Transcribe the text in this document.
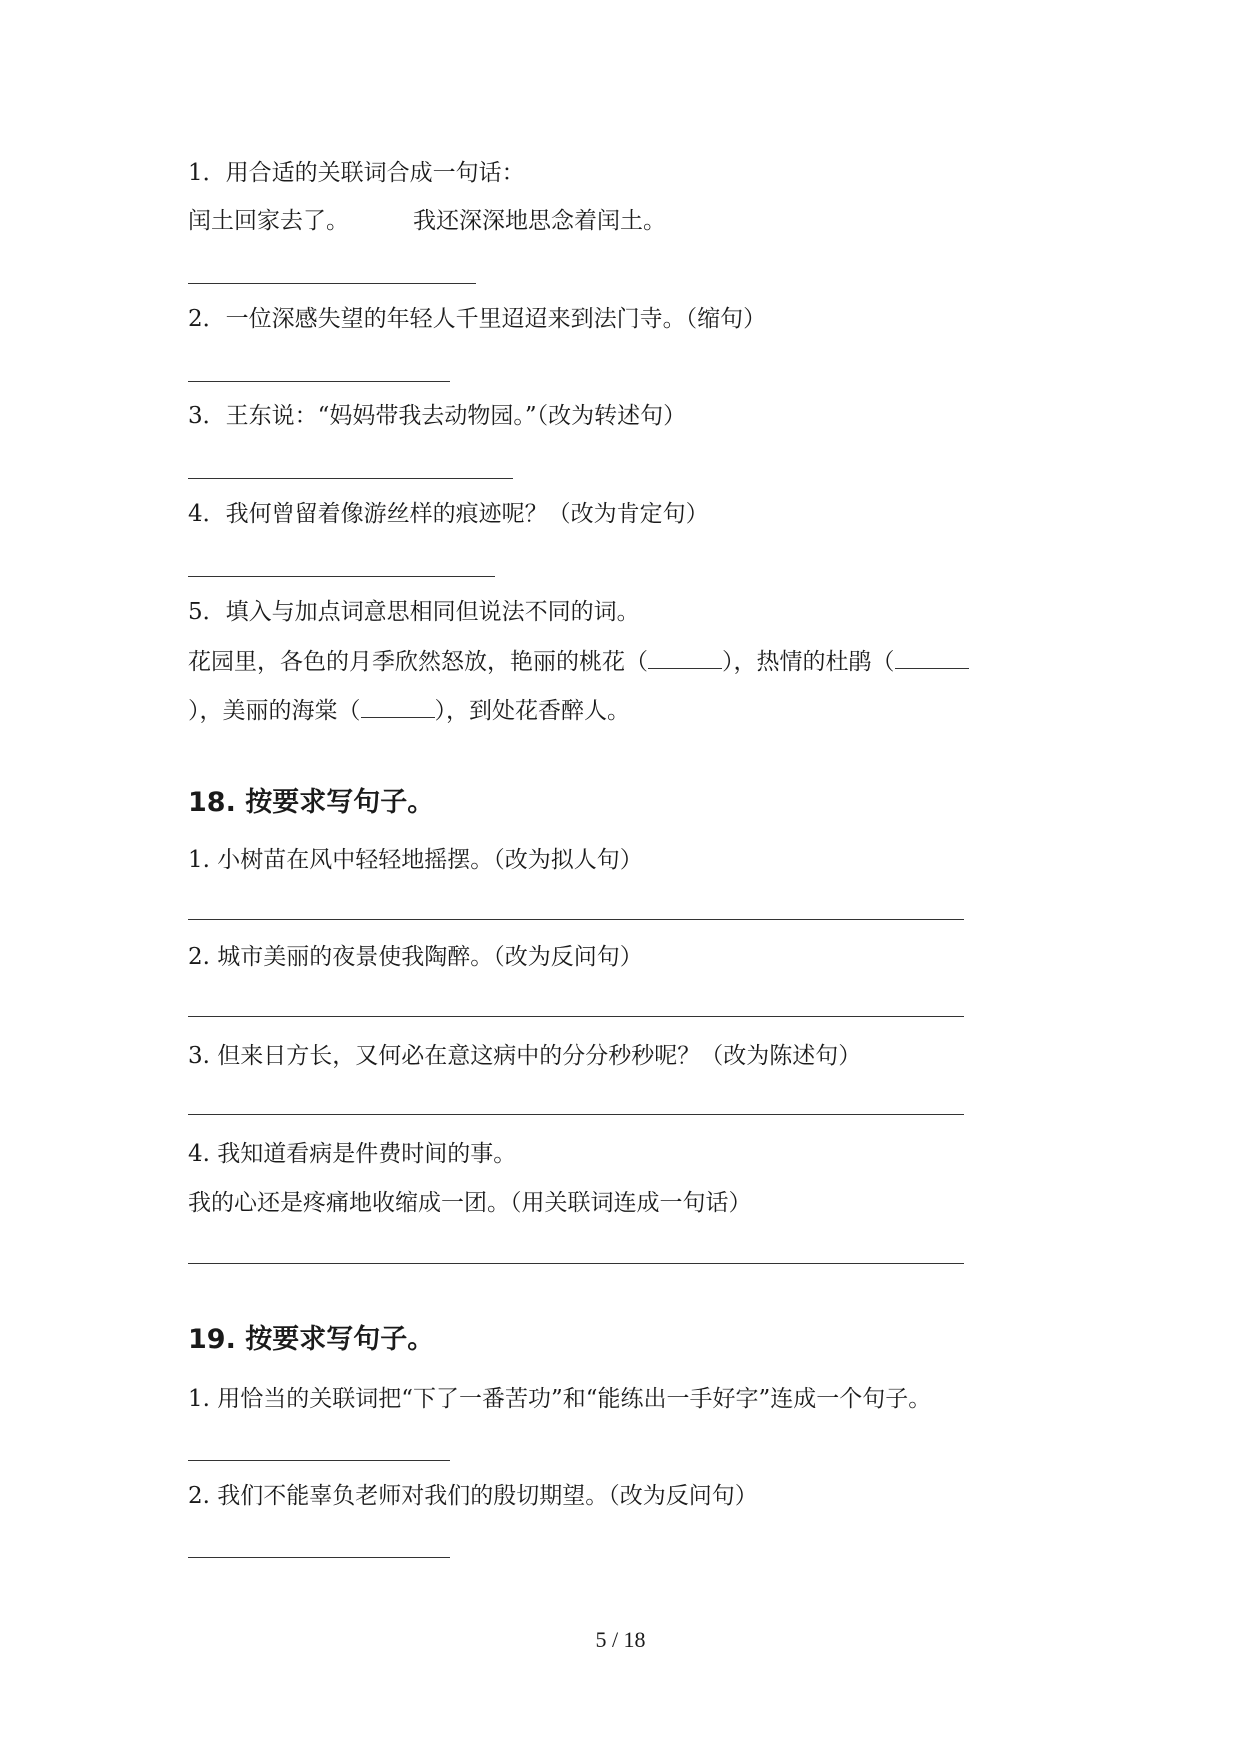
1．用合适的关联词合成一句话：
闰土回家去了。	我还深深地思念着闰土。
2．一位深感失望的年轻人千里迢迢来到法门寺。（缩句）
3．王东说：“妈妈带我去动物园。”（改为转述句）
4．我何曾留着像游丝样的痕迹呢？（改为肯定句）
5．填入与加点词意思相同但说法不同的词。
花园里，各色的月季欣然怒放，艳丽的桃花（	），热情的杜鹃（
），美丽的海棠（	），到处花香醉人。
18. 按要求写句子。
1. 小树苗在风中轻轻地摇摆。（改为拟人句）
2. 城市美丽的夜景使我陶醉。（改为反问句）
3. 但来日方长，又何必在意这病中的分分秒秒呢？（改为陈述句）
4. 我知道看病是件费时间的事。
我的心还是疼痛地收缩成一团。（用关联词连成一句话）
19. 按要求写句子。
1. 用恰当的关联词把“下了一番苦功”和“能练出一手好字”连成一个句子。
2. 我们不能辜负老师对我们的殷切期望。（改为反问句）
5 / 18
